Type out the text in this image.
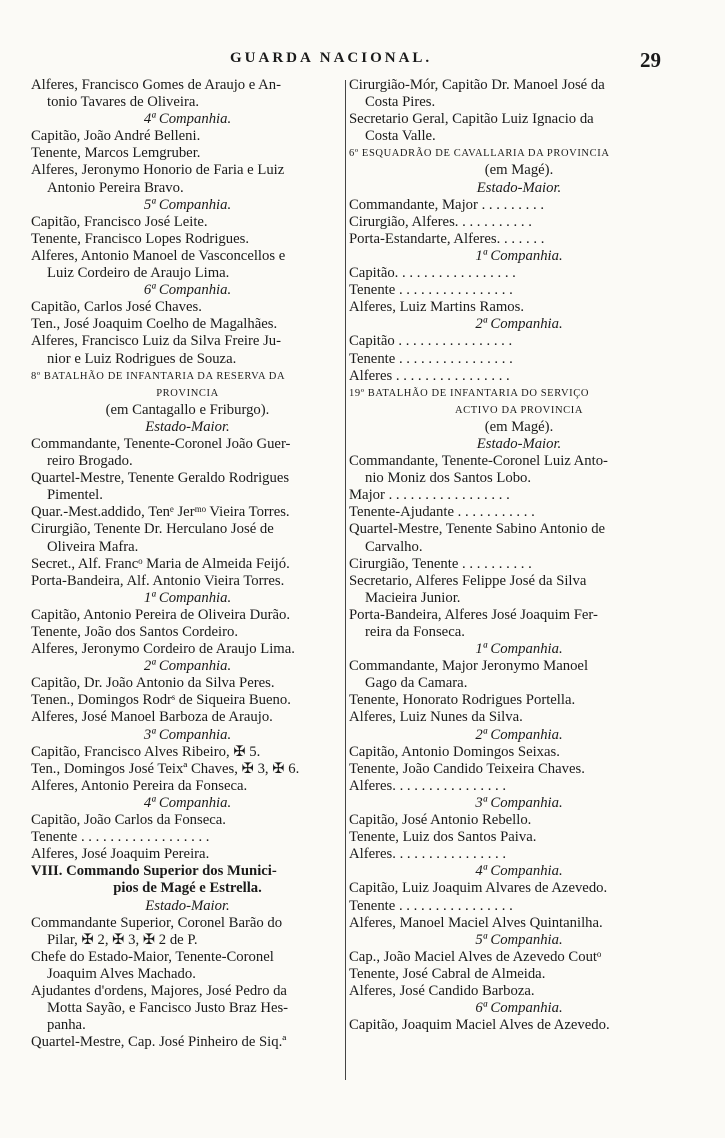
GUARDA NACIONAL.	29
Alferes, Francisco Gomes de Araujo e An-
tonio Tavares de Oliveira.
4ª Companhia.
Capitão, João André Belleni.
Tenente, Marcos Lemgruber.
Alferes, Jeronymo Honorio de Faria e Luiz
Antonio Pereira Bravo.
5ª Companhia.
Capitão, Francisco José Leite.
Tenente, Francisco Lopes Rodrigues.
Alferes, Antonio Manoel de Vasconcellos e
Luiz Cordeiro de Araujo Lima.
6ª Companhia.
Capitão, Carlos José Chaves.
Ten., José Joaquim Coelho de Magalhães.
Alferes, Francisco Luiz da Silva Freire Ju-
nior e Luiz Rodrigues de Souza.
8º BATALHÃO DE INFANTARIA DA RESERVA DA
PROVINCIA
(em Cantagallo e Friburgo).
Estado-Maior.
Commandante, Tenente-Coronel João Guer-
reiro Brogado.
Quartel-Mestre, Tenente Geraldo Rodrigues
Pimentel.
Quar.-Mest.addido, Tenᵉ Jerᵐᵒ Vieira Torres.
Cirurgião, Tenente Dr. Herculano José de
Oliveira Mafra.
Secret., Alf. Francᵒ Maria de Almeida Feijó.
Porta-Bandeira, Alf. Antonio Vieira Torres.
1ª Companhia.
Capitão, Antonio Pereira de Oliveira Durão.
Tenente, João dos Santos Cordeiro.
Alferes, Jeronymo Cordeiro de Araujo Lima.
2ª Companhia.
Capitão, Dr. João Antonio da Silva Peres.
Tenen., Domingos Rodrˢ de Siqueira Bueno.
Alferes, José Manoel Barboza de Araujo.
3ª Companhia.
Capitão, Francisco Alves Ribeiro, ✠ 5.
Ten., Domingos José Teixª Chaves, ✠ 3, ✠ 6.
Alferes, Antonio Pereira da Fonseca.
4ª Companhia.
Capitão, João Carlos da Fonseca.
Tenente . . . . . . . . . . . . . . . . . .
Alferes, José Joaquim Pereira.
VIII. Commando Superior dos Munici-
pios de Magé e Estrella.
Estado-Maior.
Commandante Superior, Coronel Barão do
Pilar, ✠ 2, ✠ 3, ✠ 2 de P.
Chefe do Estado-Maior, Tenente-Coronel
Joaquim Alves Machado.
Ajudantes d'ordens, Majores, José Pedro da
Motta Sayão, e Fancisco Justo Braz Hes-
panha.
Quartel-Mestre, Cap. José Pinheiro de Siq.ª
Cirurgião-Mór, Capitão Dr. Manoel José da
Costa Pires.
Secretario Geral, Capitão Luiz Ignacio da
Costa Valle.
6º ESQUADRÃO DE CAVALLARIA DA PROVINCIA
(em Magé).
Estado-Maior.
Commandante, Major . . . . . . . . .
Cirurgião, Alferes. . . . . . . . . . .
Porta-Estandarte, Alferes. . . . . . .
1ª Companhia.
Capitão. . . . . . . . . . . . . . . . .
Tenente . . . . . . . . . . . . . . . .
Alferes, Luiz Martins Ramos.
2ª Companhia.
Capitão . . . . . . . . . . . . . . . .
Tenente . . . . . . . . . . . . . . . .
Alferes . . . . . . . . . . . . . . . .
19º BATALHÃO DE INFANTARIA DO SERVIÇO
ACTIVO DA PROVINCIA
(em Magé).
Estado-Maior.
Commandante, Tenente-Coronel Luiz Anto-
nio Moniz dos Santos Lobo.
Major . . . . . . . . . . . . . . . . .
Tenente-Ajudante . . . . . . . . . . .
Quartel-Mestre, Tenente Sabino Antonio de
Carvalho.
Cirurgião, Tenente . . . . . . . . . .
Secretario, Alferes Felippe José da Silva
Macieira Junior.
Porta-Bandeira, Alferes José Joaquim Fer-
reira da Fonseca.
1ª Companhia.
Commandante, Major Jeronymo Manoel
Gago da Camara.
Tenente, Honorato Rodrigues Portella.
Alferes, Luiz Nunes da Silva.
2ª Companhia.
Capitão, Antonio Domingos Seixas.
Tenente, João Candido Teixeira Chaves.
Alferes. . . . . . . . . . . . . . . .
3ª Companhia.
Capitão, José Antonio Rebello.
Tenente, Luiz dos Santos Paiva.
Alferes. . . . . . . . . . . . . . . .
4ª Companhia.
Capitão, Luiz Joaquim Alvares de Azevedo.
Tenente . . . . . . . . . . . . . . . .
Alferes, Manoel Maciel Alves Quintanilha.
5ª Companhia.
Cap., João Maciel Alves de Azevedo Coutᵒ
Tenente, José Cabral de Almeida.
Alferes, José Candido Barboza.
6ª Companhia.
Capitão, Joaquim Maciel Alves de Azevedo.
